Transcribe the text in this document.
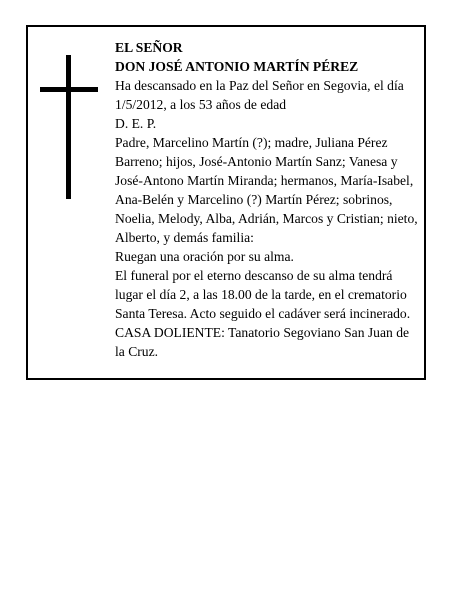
EL SEÑOR

DON JOSÉ ANTONIO MARTÍN PÉREZ

Ha descansado en la Paz del Señor en Segovia, el día 1/5/2012, a los 53 años de edad

D. E. P.

Padre, Marcelino Martín (?); madre, Juliana Pérez Barreno; hijos, José-Antonio Martín Sanz; Vanesa y José-Antono Martín Miranda; hermanos, María-Isabel, Ana-Belén y Marcelino (?) Martín Pérez; sobrinos, Noelia, Melody, Alba, Adrián, Marcos y Cristian; nieto, Alberto, y demás familia:

Ruegan una oración por su alma.

El funeral por el eterno descanso de su alma tendrá lugar el día 2, a las 18.00 de la tarde, en el crematorio Santa Teresa. Acto seguido el cadáver será incinerado.

CASA DOLIENTE: Tanatorio Segoviano San Juan de la Cruz.
